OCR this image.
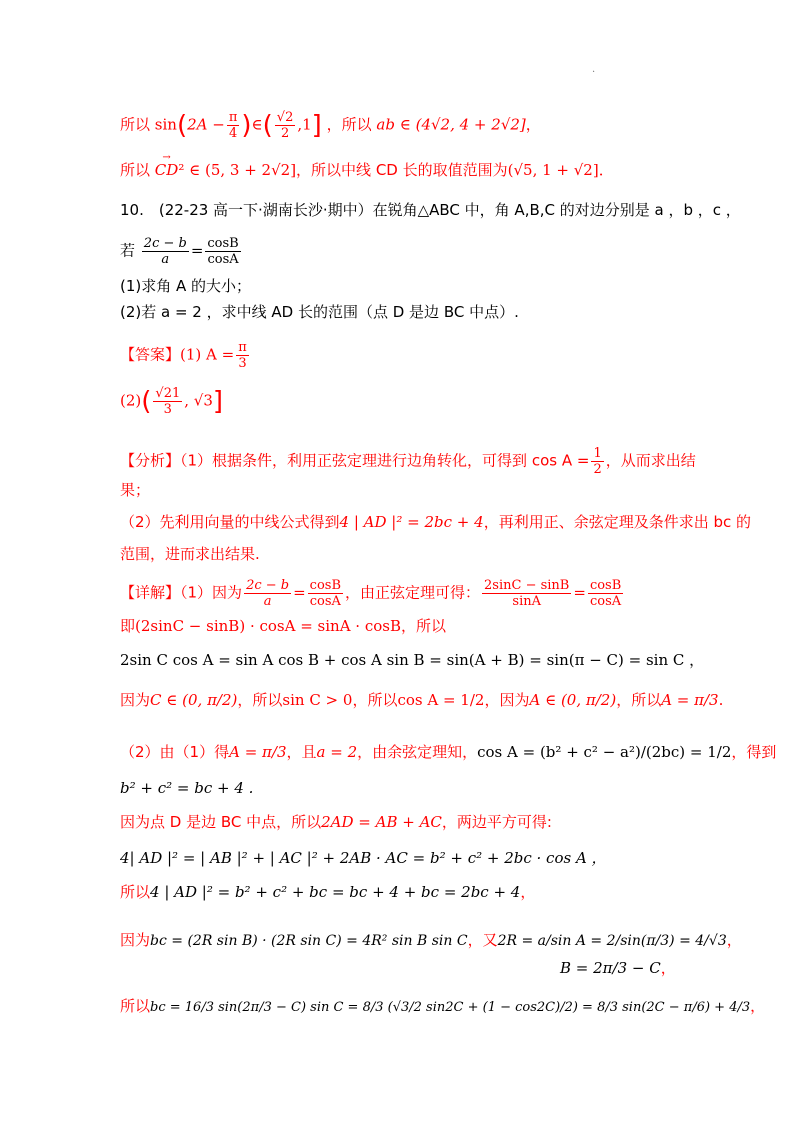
.
所以 $\sin(2A - \frac{\pi}{4}$ )∈( $\frac{√2}{2} ,1$] ，所以 ab ∈ (4√2, 4 + 2√2]，
所以 → CD² ∈ (5, 3 + 2√2]，所以中线 CD 长的取值范围为(√5, 1 + √2]．
10.　(22-23 高一下·湖南长沙·期中）在锐角△ABC 中，角 A,B,C 的对边分别是 a ，b ，c ，
若 $\frac{2c - b}{a} = \frac{\cos B}{\cos A}$
(1)求角 A 的大小；
(2)若 a = 2 ，求中线 AD 长的范围（点 D 是边 BC 中点）.
【答案】(1) $A = \frac{\pi}{3}$
$(2)( \frac{√21}{3}$ , √3]
【分析】（1）根据条件，利用正弦定理进行边角转化，可得到 $\cos A = \frac{1}{2}$ ，从而求出结
果；
（2）先利用向量的中线公式得到4 | AD |² = 2bc + 4，再利用正、余弦定理及条件求出 bc 的
范围，进而求出结果.
【详解】（1）因为 $\frac{2c - b}{a} = \frac{\cos B}{\cos A}$ ，由正弦定理可得： $\frac{2\sin C - \sin B}{\sin A} = \frac{\cos B}{\cos A}$
即(2sinC − sinB) · cosA = sinA · cosB，所以
2sin C cos A = sin A cos B + cos A sin B = sin(A + B) = sin(π − C) = sin C ，
因为C ∈ (0, π/2)，所以sin C > 0，所以cos A = 1/2，因为A ∈ (0, π/2)，所以A = π/3.
（2）由（1）得A = π/3，且a = 2，由余弦定理知，cos A = (b² + c² − a²)/(2bc) = 1/2，得到
b² + c² = bc + 4 .
因为点 D 是边 BC 中点，所以2AD = AB + AC，两边平方可得:
4| AD |² = | AB |² + | AC |² + 2AB · AC = b² + c² + 2bc · cos A ，
所以4 | AD |² = b² + c² + bc = bc + 4 + bc = 2bc + 4，
因为bc = (2R sin B) · (2R sin C) = 4R² sin B sin C，又2R = a/sin A = 2/sin(π/3) = 4/√3，
B = 2π/3 − C，
所以bc = 16/3 sin(2π/3 − C) sin C = 8/3 (√3/2 sin2C + (1 − cos2C)/2) = 8/3 sin(2C − π/6) + 4/3，
